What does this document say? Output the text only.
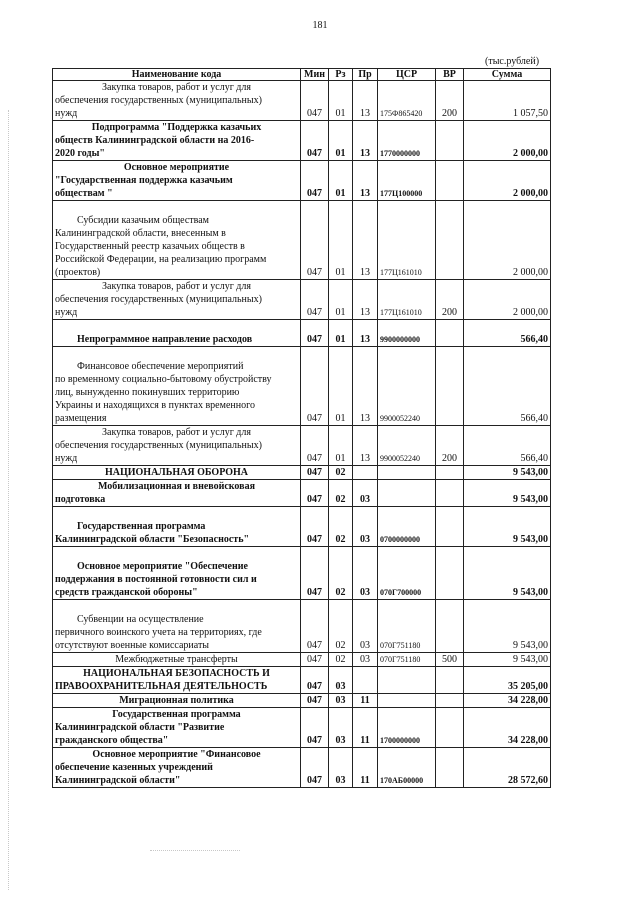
181
(тыс.рублей)
Наименование кода	Мин	Рз	Пр	ЦСР	ВР	Сумма

Закупка товаров, работ и услуг для
обеспечения государственных (муниципальных)
нужд	047	01	13	175Ф865420	200	1 057,50

Подпрограмма "Поддержка казачьих
обществ Калининградской области на 2016-
2020 годы"	047	01	13	1770000000		2 000,00

Основное мероприятие
"Государственная поддержка казачьим
обществам "	047	01	13	177Ц100000		2 000,00

Субсидии казачьим обществам
Калининградской области, внесенным в
Государственный реестр казачьих обществ в
Российской Федерации, на реализацию программ
(проектов)	047	01	13	177Ц161010		2 000,00

Закупка товаров, работ и услуг для
обеспечения государственных (муниципальных)
нужд	047	01	13	177Ц161010	200	2 000,00

Непрограммное направление расходов	047	01	13	9900000000		566,40

Финансовое обеспечение мероприятий
по временному социально-бытовому обустройству
лиц, вынужденно покинувших территорию
Украины и находящихся в пунктах временного
размещения	047	01	13	9900052240		566,40

Закупка товаров, работ и услуг для
обеспечения государственных (муниципальных)
нужд	047	01	13	9900052240	200	566,40

НАЦИОНАЛЬНАЯ ОБОРОНА	047	02				9 543,00

Мобилизационная и вневойсковая
подготовка	047	02	03			9 543,00

Государственная программа
Калининградской области "Безопасность"	047	02	03	0700000000		9 543,00

Основное мероприятие "Обеспечение
поддержания в постоянной готовности сил и
средств гражданской обороны"	047	02	03	070Г700000		9 543,00

Субвенции на осуществление
первичного воинского учета на территориях, где
отсутствуют военные комиссариаты	047	02	03	070Г751180		9 543,00

Межбюджетные трансферты	047	02	03	070Г751180	500	9 543,00

НАЦИОНАЛЬНАЯ БЕЗОПАСНОСТЬ И
ПРАВООХРАНИТЕЛЬНАЯ ДЕЯТЕЛЬНОСТЬ	047	03				35 205,00

Миграционная политика	047	03	11			34 228,00

Государственная программа
Калининградской области "Развитие
гражданского общества"	047	03	11	1700000000		34 228,00

Основное мероприятие "Финансовое
обеспечение казенных учреждений
Калининградской области"	047	03	11	170АБ00000		28 572,60
